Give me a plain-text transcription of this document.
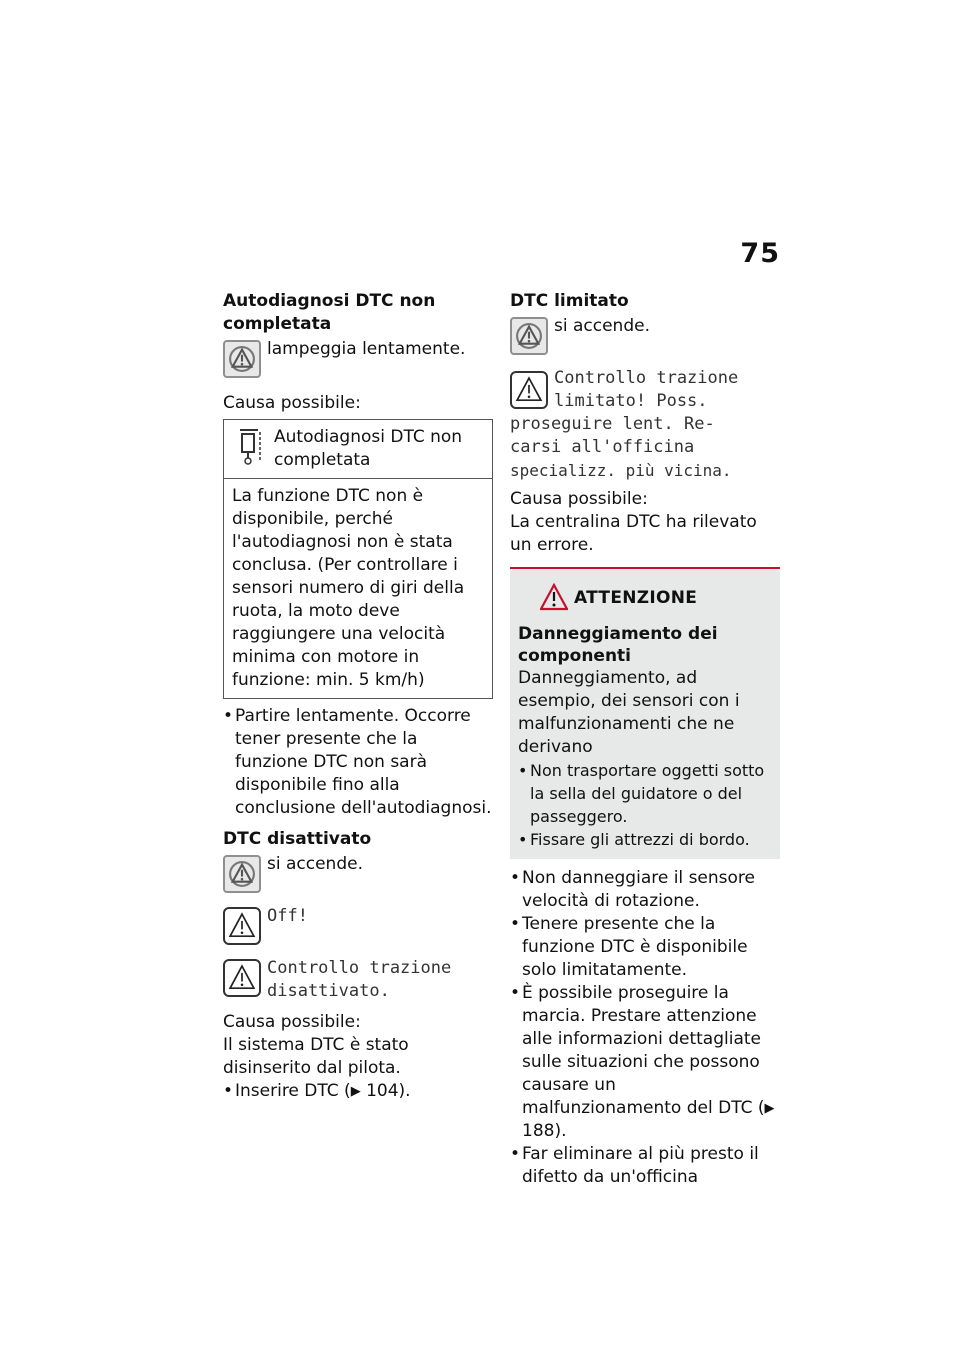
75
Autodiagnosi DTC non completata
lampeggia lentamente.

Causa possibile:

Autodiagnosi DTC non completata
La funzione DTC non è disponibile, perché l'autodiagnosi non è stata conclusa. (Per controllare i sensori numero di giri della ruota, la moto deve raggiungere una velocità minima con motore in funzione: min. 5 km/h)
• Partire lentamente. Occorre tener presente che la funzione DTC non sarà disponibile fino alla conclusione dell'autodiagnosi.
DTC disattivato
si accende.
Off!
Controllo trazione
disattivato.

Causa possibile:

Il sistema DTC è stato disinserito dal pilota.

• Inserire DTC (▶ 104).
DTC limitato
si accende.
Controllo trazione
limitato! Poss.
proseguire lent. Re-
carsi all'officina
specializz. più vicina.

Causa possibile:

La centralina DTC ha rilevato un errore.

ATTENZIONE
Danneggiamento dei componenti

Danneggiamento, ad esempio, dei sensori con i malfunzionamenti che ne derivano

• Non trasportare oggetti sotto la sella del guidatore o del passeggero.
• Fissare gli attrezzi di bordo.
• Non danneggiare il sensore velocità di rotazione.
• Tenere presente che la funzione DTC è disponibile solo limitatamente.
• È possibile proseguire la marcia. Prestare attenzione alle informazioni dettagliate sulle situazioni che possono causare un malfunzionamento del DTC (▶ 188).
• Far eliminare al più presto il difetto da un'officina
